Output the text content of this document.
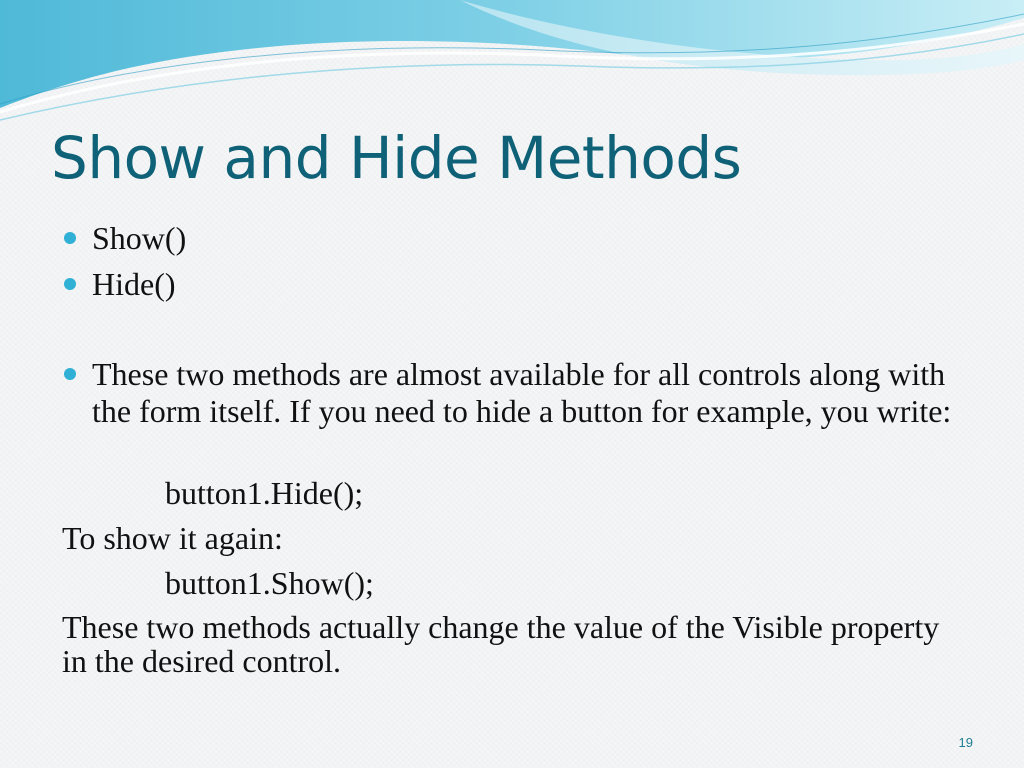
Show and Hide Methods
Show()
Hide()
These two methods are almost available for all controls along with the form itself. If you need to hide a button for example, you write:

button1.Hide();

To show it again:

button1.Show();

These two methods actually change the value of the Visible property in the desired control.

19
